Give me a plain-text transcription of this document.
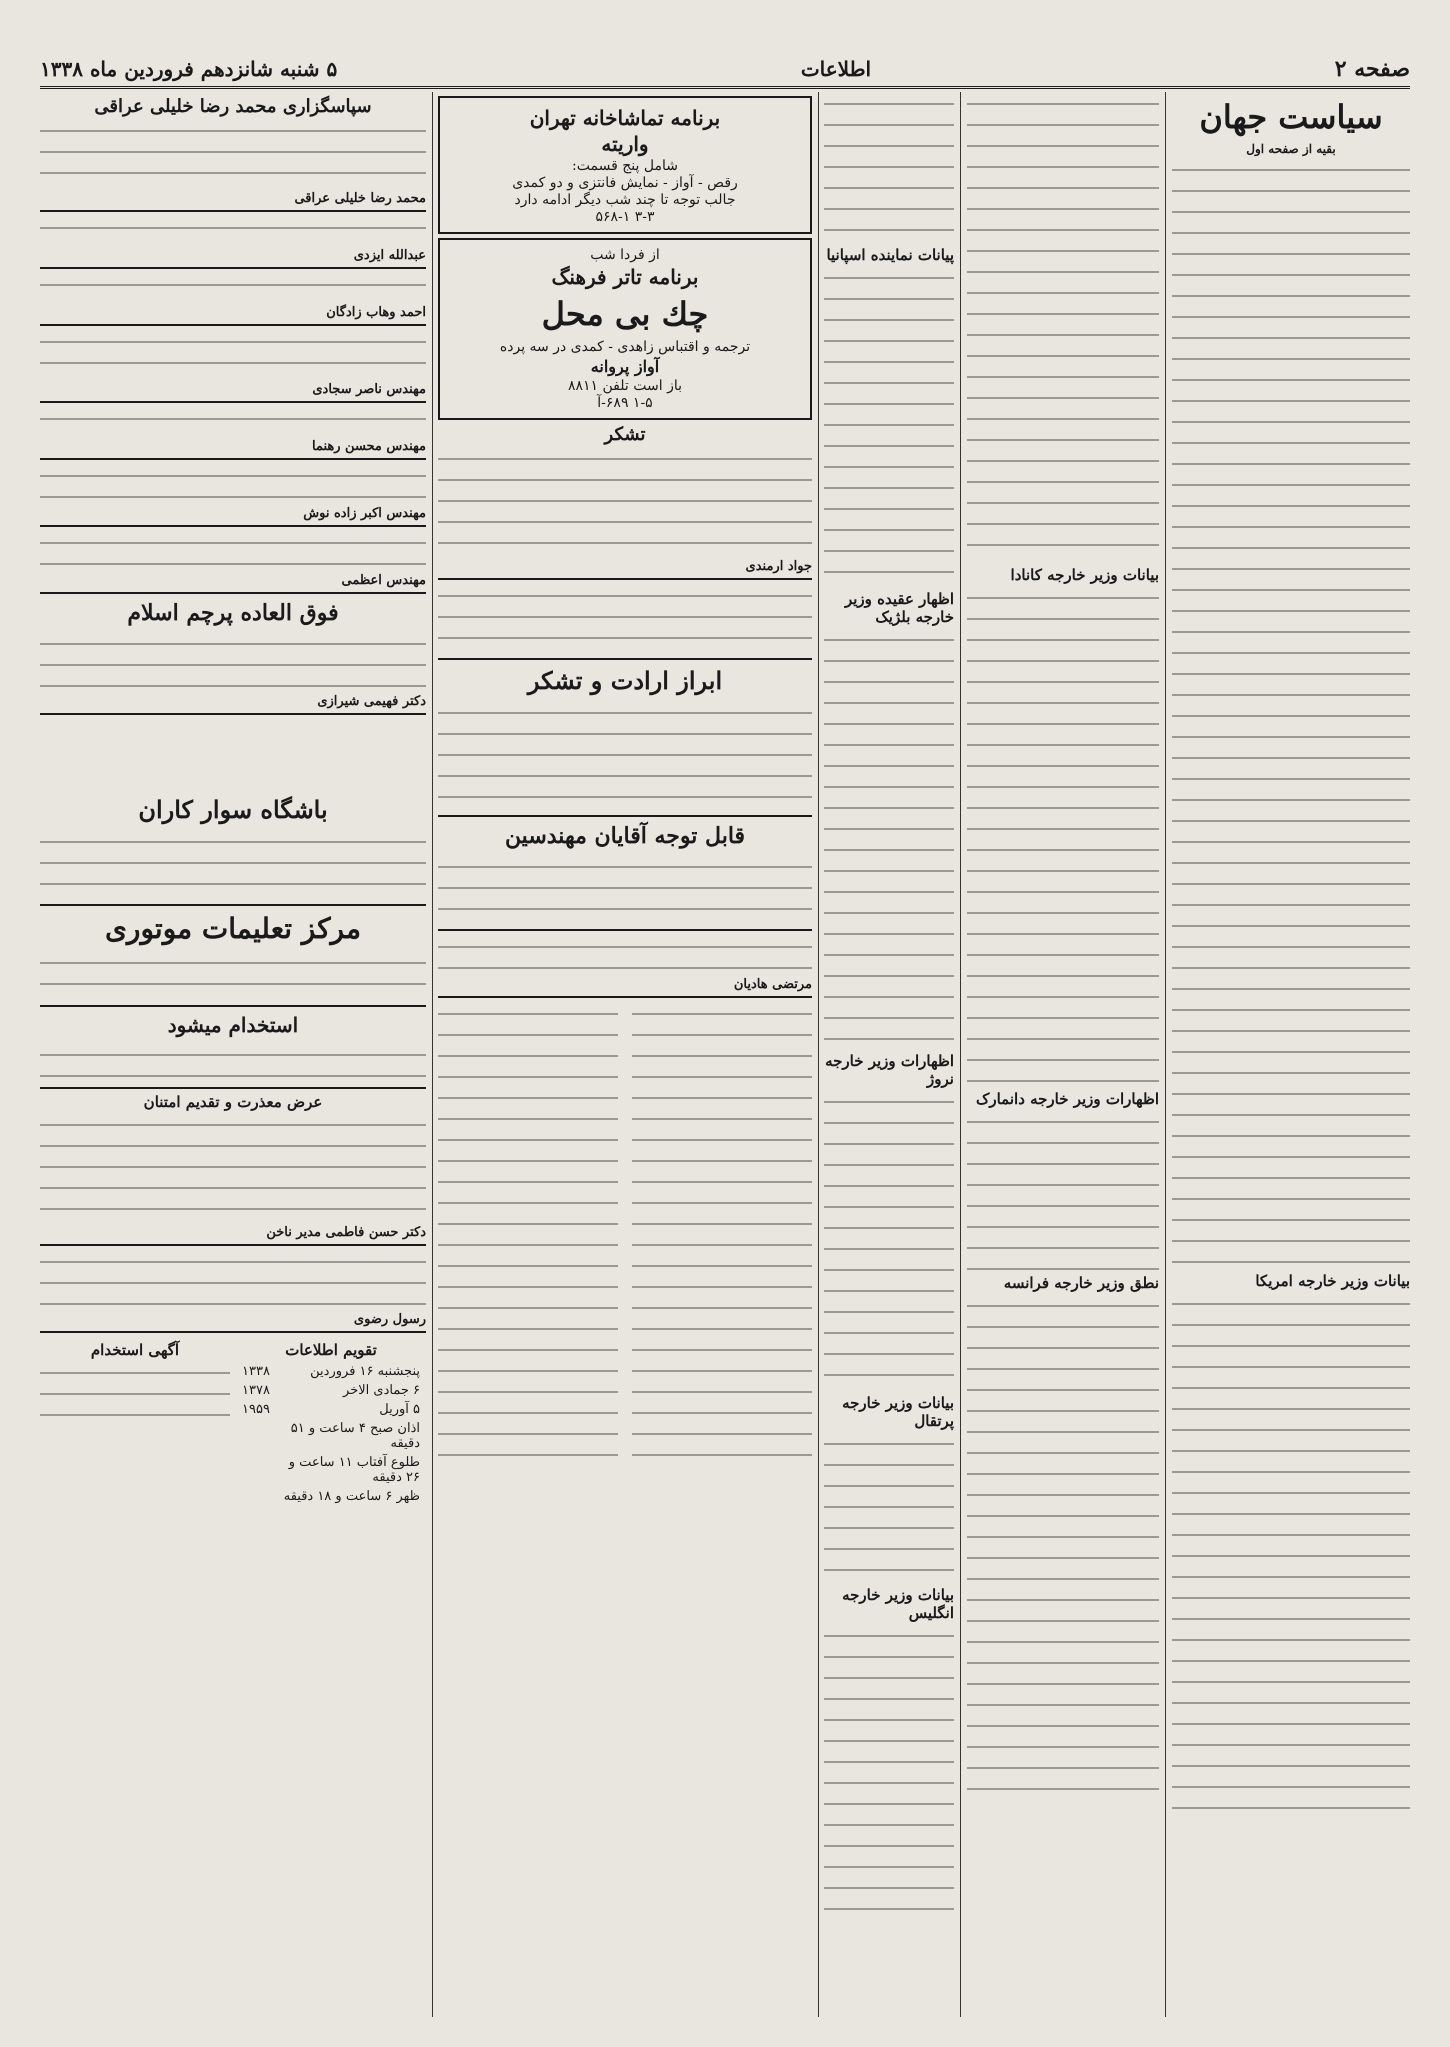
صفحه ۲
اطلاعات
۵ شنبه شانزدهم فروردین ماه ۱۳۳۸
سیاست جهان
بقیه از صفحه اول
بیانات وزیر خارجه امریکا
بیانات وزیر خارجه کانادا
اظهارات وزیر خارجه دانمارک
نطق وزیر خارجه فرانسه
پیانات نماینده اسپانیا
اظهار عقیده وزیر خارجه بلژیک
اظهارات وزیر خارجه نروژ
بیانات وزیر خارجه پرتقال
بیانات وزیر خارجه انگلیس
برنامه تماشاخانه تهران
واریته
شامل پنج قسمت:
رقص - آواز - نمایش فانتزی و دو کمدی
جالب توجه تا چند شب دیگر ادامه دارد
۳-۳ ۵۶۸-۱
از فردا شب
برنامه تاتر فرهنگ
چك بی محل
ترجمه و اقتباس زاهدی - کمدی در سه پرده
آواز پروانه
باز است تلفن ۸۸۱۱
۱-۵ ۶۸۹-آ
تشکر
جواد ارمندی
ابراز ارادت و تشکر
قابل توجه آقایان مهندسین
مرتضی هادیان
سپاسگزاری محمد رضا خلیلی عراقی
محمد رضا خلیلی عراقی
عبدالله ایزدی
احمد وهاب زادگان
مهندس ناصر سجادی
مهندس محسن رهنما
مهندس اکبر زاده نوش
مهندس اعظمی
فوق العاده پرچم اسلام
دکتر فهیمی شیرازی
باشگاه سوار کاران
مرکز تعلیمات موتوری
استخدام میشود
عرض معذرت و تقدیم امتنان
دکتر حسن فاطمی مدیر ناخن
رسول رضوی
تقویم اطلاعات
پنجشنبه ۱۶ فروردین	۱۳۳۸
۶ جمادی الاخر	۱۳۷۸
۵ آوریل	۱۹۵۹
اذان صبح ۴ ساعت و ۵۱ دقیقه	
طلوع آفتاب ۱۱ ساعت و ۲۶ دقیقه	
ظهر ۶ ساعت و ۱۸ دقیقه	
آگهی استخدام
